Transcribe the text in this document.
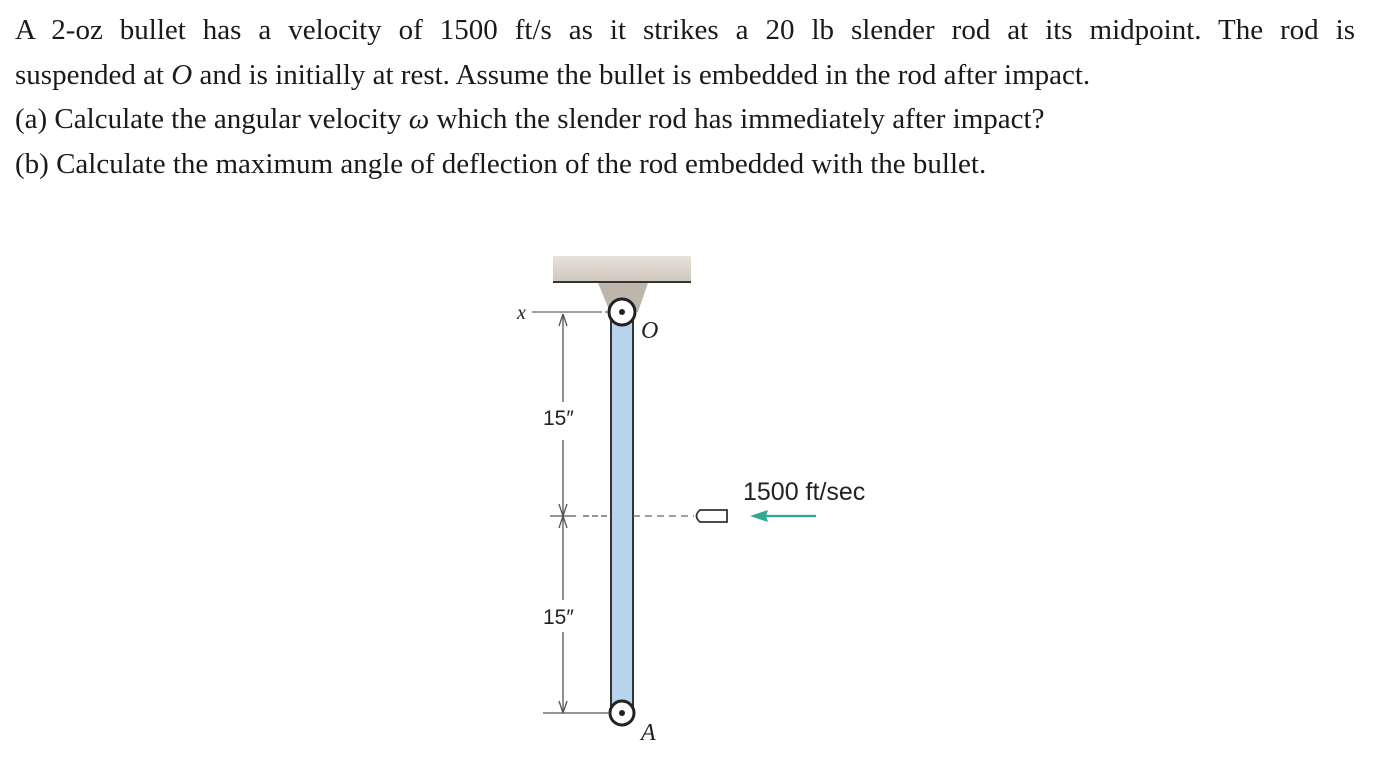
A 2-oz bullet has a velocity of 1500 ft/s as it strikes a 20 lb slender rod at its midpoint. The rod is

suspended at O and is initially at rest. Assume the bullet is embedded in the rod after impact.

(a) Calculate the angular velocity ω which the slender rod has immediately after impact?

(b) Calculate the maximum angle of deflection of the rod embedded with the bullet.

x
O
A
15″
15″
1500 ft/sec
